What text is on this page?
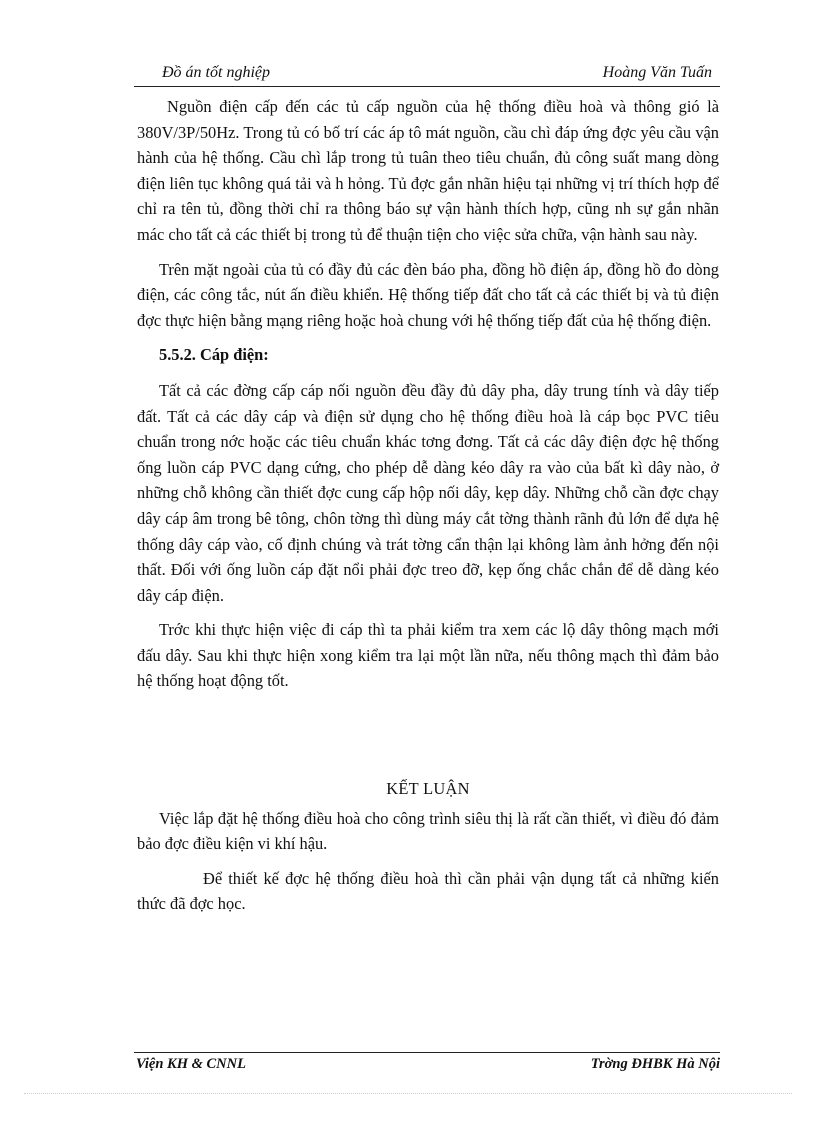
Đồ án tốt nghiệp	Hoàng Văn Tuấn

Nguồn điện cấp đến các tủ cấp nguồn của hệ thống điều hoà và thông gió là 380V/3P/50Hz. Trong tủ có bố trí các áp tô mát nguồn, cầu chì đáp ứng đợc yêu cầu vận hành của hệ thống. Cầu chì lắp trong tủ tuân theo tiêu chuẩn, đủ công suất mang dòng điện liên tục không quá tải và h hỏng. Tủ đợc gắn nhãn hiệu tại những vị trí thích hợp để chỉ ra tên tủ, đồng thời chỉ ra thông báo sự vận hành thích hợp, cũng nh sự gắn nhãn mác cho tất cả các thiết bị trong tủ để thuận tiện cho việc sửa chữa, vận hành sau này.

Trên mặt ngoài của tủ có đầy đủ các đèn báo pha, đồng hồ điện áp, đồng hồ đo dòng điện, các công tắc, nút ấn điều khiển. Hệ thống tiếp đất cho tất cả các thiết bị và tủ điện đợc thực hiện bằng mạng riêng hoặc hoà chung với hệ thống tiếp đất của hệ thống điện.

5.5.2. Cáp điện:

Tất cả các đờng cấp cáp nối nguồn đều đầy đủ dây pha, dây trung tính và dây tiếp đất. Tất cả các dây cáp và điện sử dụng cho hệ thống điều hoà là cáp bọc PVC tiêu chuẩn trong nớc hoặc các tiêu chuẩn khác tơng đơng. Tất cả các dây điện đợc hệ thống ống luồn cáp PVC dạng cứng, cho phép dễ dàng kéo dây ra vào của bất kì dây nào, ở những chỗ không cần thiết đợc cung cấp hộp nối dây, kẹp dây. Những chỗ cần đợc chạy dây cáp âm trong bê tông, chôn tờng thì dùng máy cắt tờng thành rãnh đủ lớn để dựa hệ thống dây cáp vào, cố định chúng và trát tờng cẩn thận lại không làm ảnh hởng đến nội thất. Đối với ống luồn cáp đặt nổi phải đợc treo đỡ, kẹp ống chắc chắn để dễ dàng kéo dây cáp điện.

Trớc khi thực hiện việc đi cáp thì ta phải kiểm tra xem các lộ dây thông mạch mới đấu dây. Sau khi thực hiện xong kiểm tra lại một lần nữa, nếu thông mạch thì đảm bảo hệ thống hoạt động tốt.

KẾT LUẬN

Việc lắp đặt hệ thống điều hoà cho công trình siêu thị là rất cần thiết, vì điều đó đảm bảo đợc điều kiện vi khí hậu.

Để thiết kế đợc hệ thống điều hoà thì cần phải vận dụng tất cả những kiến thức đã đợc học.

Viện KH & CNNL	Trờng ĐHBK Hà Nội
